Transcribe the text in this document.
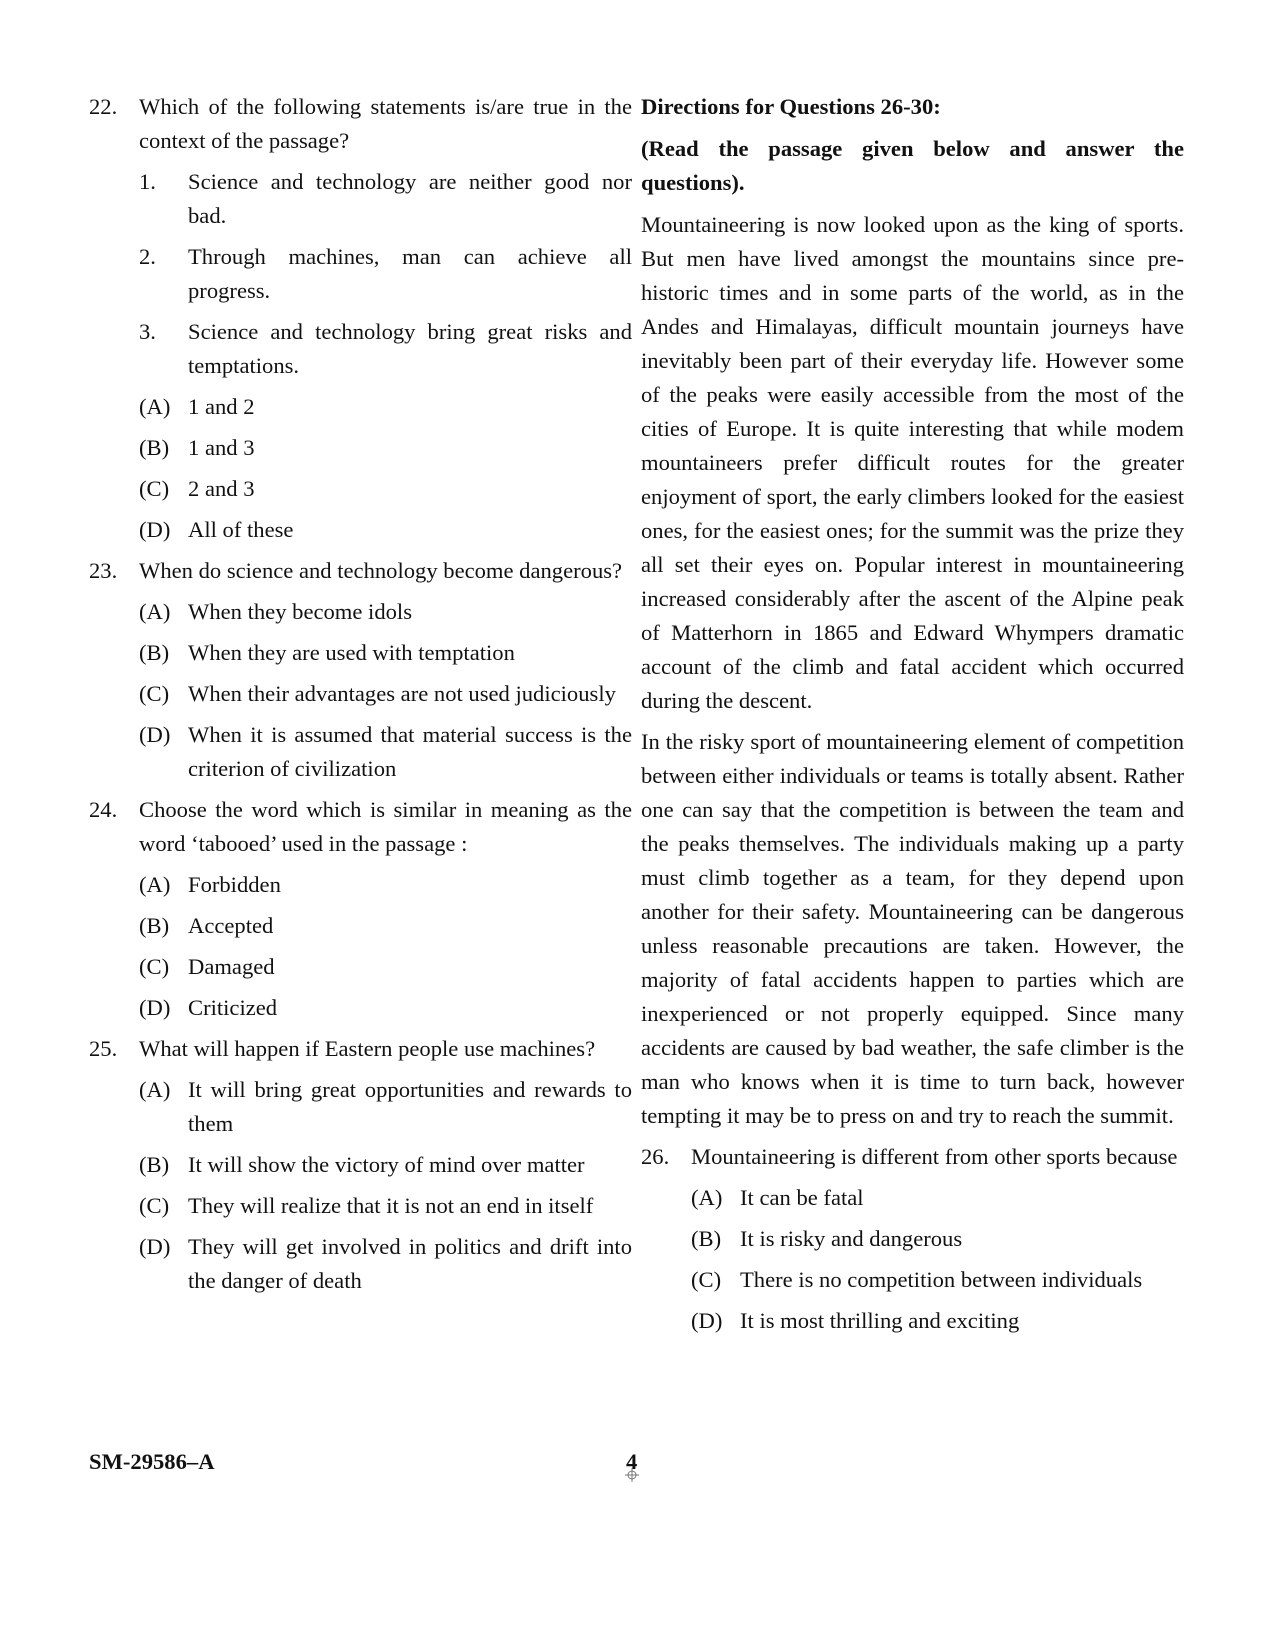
22. Which of the following statements is/are true in the context of the passage?
1.	Science and technology are neither good nor bad.
2.	Through machines, man can achieve all progress.
3.	Science and technology bring great risks and temptations.
(A) 1 and 2
(B) 1 and 3
(C) 2 and 3
(D) All of these
23. When do science and technology become dangerous?
(A) When they become idols
(B) When they are used with temptation
(C) When their advantages are not used judiciously
(D) When it is assumed that material success is the criterion of civilization
24. Choose the word which is similar in meaning as the word ‘tabooed’ used in the passage :
(A) Forbidden
(B) Accepted
(C) Damaged
(D) Criticized
25. What will happen if Eastern people use machines?
(A) It will bring great opportunities and rewards to them
(B) It will show the victory of mind over matter
(C) They will realize that it is not an end in itself
(D) They will get involved in politics and drift into the danger of death
Directions for Questions 26-30:
(Read the passage given below and answer the questions).

Mountaineering is now looked upon as the king of sports. But men have lived amongst the mountains since pre-historic times and in some parts of the world, as in the Andes and Himalayas, difficult mountain journeys have inevitably been part of their everyday life. However some of the peaks were easily accessible from the most of the cities of Europe. It is quite interesting that while modem mountaineers prefer difficult routes for the greater enjoyment of sport, the early climbers looked for the easiest ones, for the easiest ones; for the summit was the prize they all set their eyes on. Popular interest in mountaineering increased considerably after the ascent of the Alpine peak of Matterhorn in 1865 and Edward Whympers dramatic account of the climb and fatal accident which occurred during the descent.

In the risky sport of mountaineering element of competition between either individuals or teams is totally absent. Rather one can say that the competition is between the team and the peaks themselves. The individuals making up a party must climb together as a team, for they depend upon another for their safety. Mountaineering can be dangerous unless reasonable precautions are taken. However, the majority of fatal accidents happen to parties which are inexperienced or not properly equipped. Since many accidents are caused by bad weather, the safe climber is the man who knows when it is time to turn back, however tempting it may be to press on and try to reach the summit.

26. Mountaineering is different from other sports because
(A) It can be fatal
(B) It is risky and dangerous
(C) There is no competition between individuals
(D) It is most thrilling and exciting
SM-29586–A	4
